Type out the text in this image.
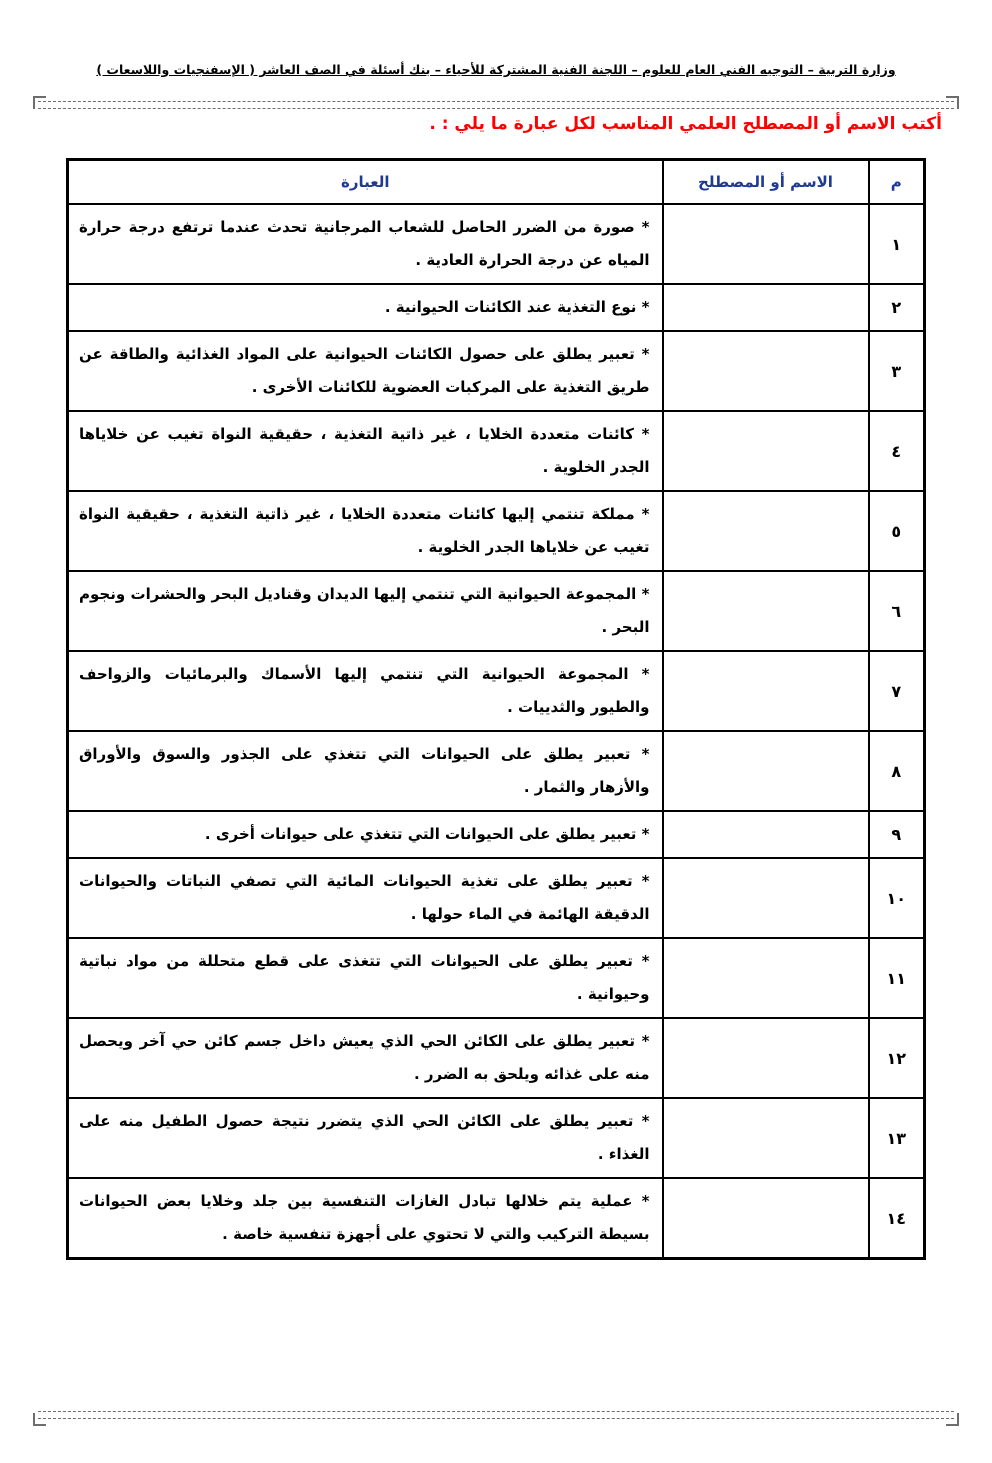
وزارة التربية – التوجيه الفني العام للعلوم – اللجنة الفنية المشتركة للأحياء – بنك أسئلة في الصف العاشر ( الإسفنجيات واللاسعات )
أكتب الاسم أو المصطلح العلمي المناسب لكل عبارة ما يلي : .
م	الاسم أو المصطلح	العبارة
١		* صورة من الضرر الحاصل للشعاب المرجانية تحدث عندما ترتفع درجة حرارة المياه عن درجة الحرارة العادية .
٢		* نوع التغذية عند الكائنات الحيوانية .
٣		* تعبير يطلق على حصول الكائنات الحيوانية على المواد الغذائية والطاقة عن طريق التغذية على المركبات العضوية للكائنات الأخرى .
٤		* كائنات متعددة الخلايا ، غير ذاتية التغذية ، حقيقية النواة تغيب عن خلاياها الجدر الخلوية .
٥		* مملكة تنتمي إليها كائنات متعددة الخلايا ، غير ذاتية التغذية ، حقيقية النواة تغيب عن خلاياها الجدر الخلوية .
٦		* المجموعة الحيوانية التي تنتمي إليها الديدان وقناديل البحر والحشرات ونجوم البحر .
٧		* المجموعة الحيوانية التي تنتمي إليها الأسماك والبرمائيات والزواحف والطيور والثدييات .
٨		* تعبير يطلق على الحيوانات التي تتغذي على الجذور والسوق والأوراق والأزهار والثمار .
٩		* تعبير يطلق على الحيوانات التي تتغذي على حيوانات أخرى .
١٠		* تعبير يطلق على تغذية الحيوانات المائية التي تصفي النباتات والحيوانات الدقيقة الهائمة في الماء حولها .
١١		* تعبير يطلق على الحيوانات التي تتغذى على قطع متحللة من مواد نباتية وحيوانية .
١٢		* تعبير يطلق على الكائن الحي الذي يعيش داخل جسم كائن حي آخر ويحصل منه على غذائه ويلحق به الضرر .
١٣		* تعبير يطلق على الكائن الحي الذي يتضرر نتيجة حصول الطفيل منه على الغذاء .
١٤		* عملية يتم خلالها تبادل الغازات التنفسية بين جلد وخلايا بعض الحيوانات بسيطة التركيب والتي لا تحتوي على أجهزة تنفسية خاصة .
